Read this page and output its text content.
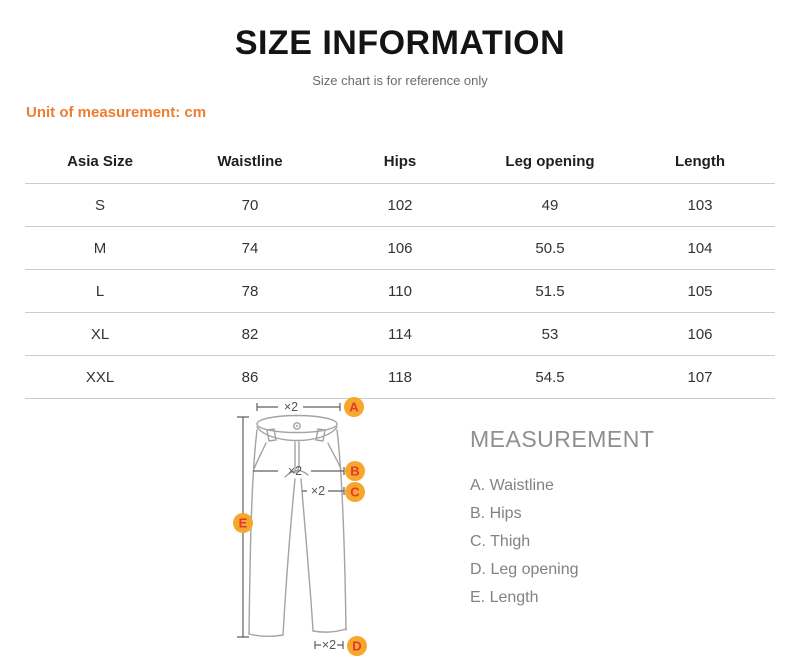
SIZE INFORMATION
Size chart is for reference only
Unit of measurement: cm
Asia Size	Waistline	Hips	Leg opening	Length
S	70	102	49	103
M	74	106	50.5	104
L	78	110	51.5	105
XL	82	114	53	106
XXL	86	118	54.5	107
×2
×2
×2
×2
A
B
C
D
E
MEASUREMENT
A. Waistline
B. Hips
C. Thigh
D. Leg opening
E. Length
